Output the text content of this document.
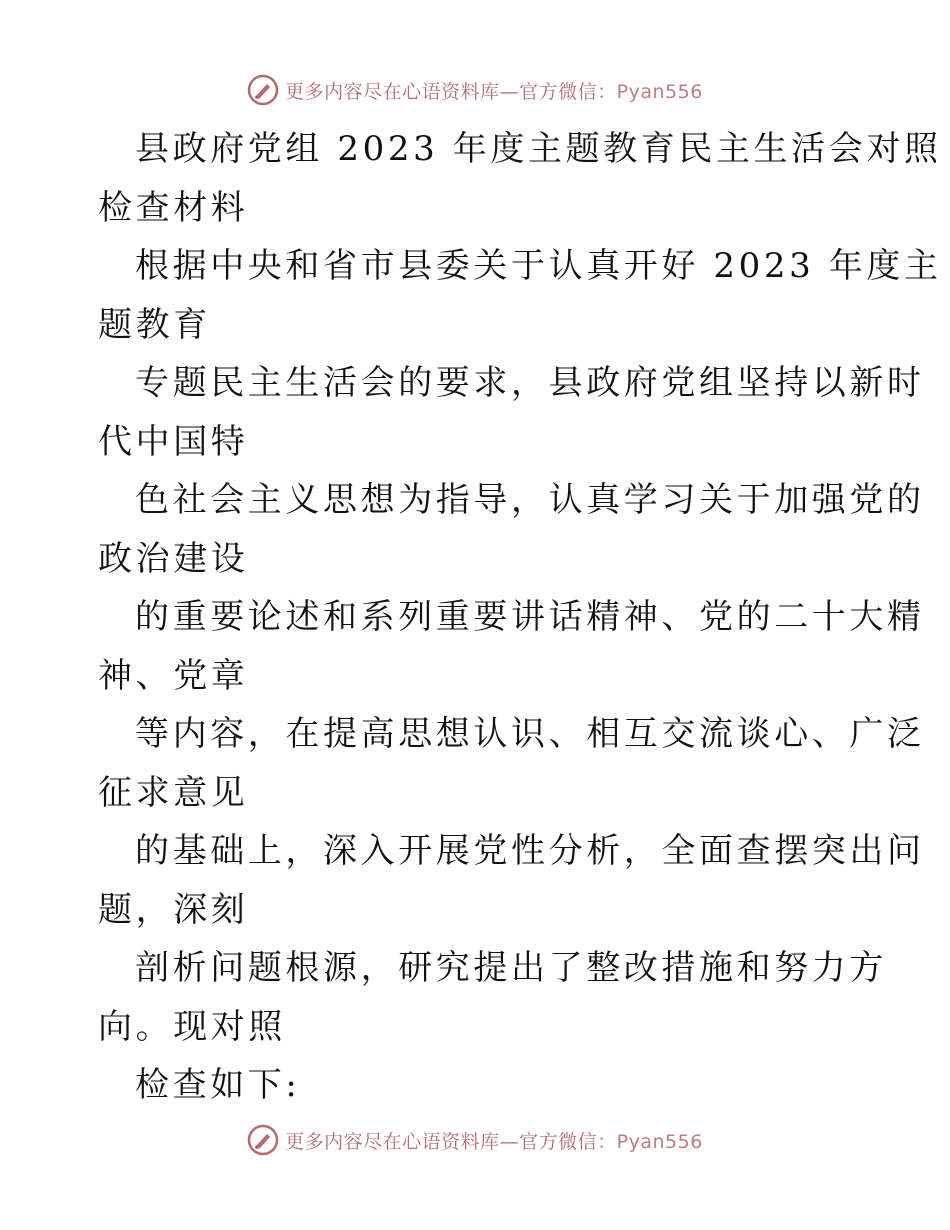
更多内容尽在心语资料库—官方微信：Pyan556

县政府党组 2023 年度主题教育民主生活会对照
检查材料

根据中央和省市县委关于认真开好 2023 年度主
题教育

专题民主生活会的要求，县政府党组坚持以新时
代中国特

色社会主义思想为指导，认真学习关于加强党的
政治建设

的重要论述和系列重要讲话精神、党的二十大精
神、党章

等内容，在提高思想认识、相互交流谈心、广泛
征求意见

的基础上，深入开展党性分析，全面查摆突出问
题，深刻

剖析问题根源，研究提出了整改措施和努力方
向。现对照

检查如下:

更多内容尽在心语资料库—官方微信：Pyan556
